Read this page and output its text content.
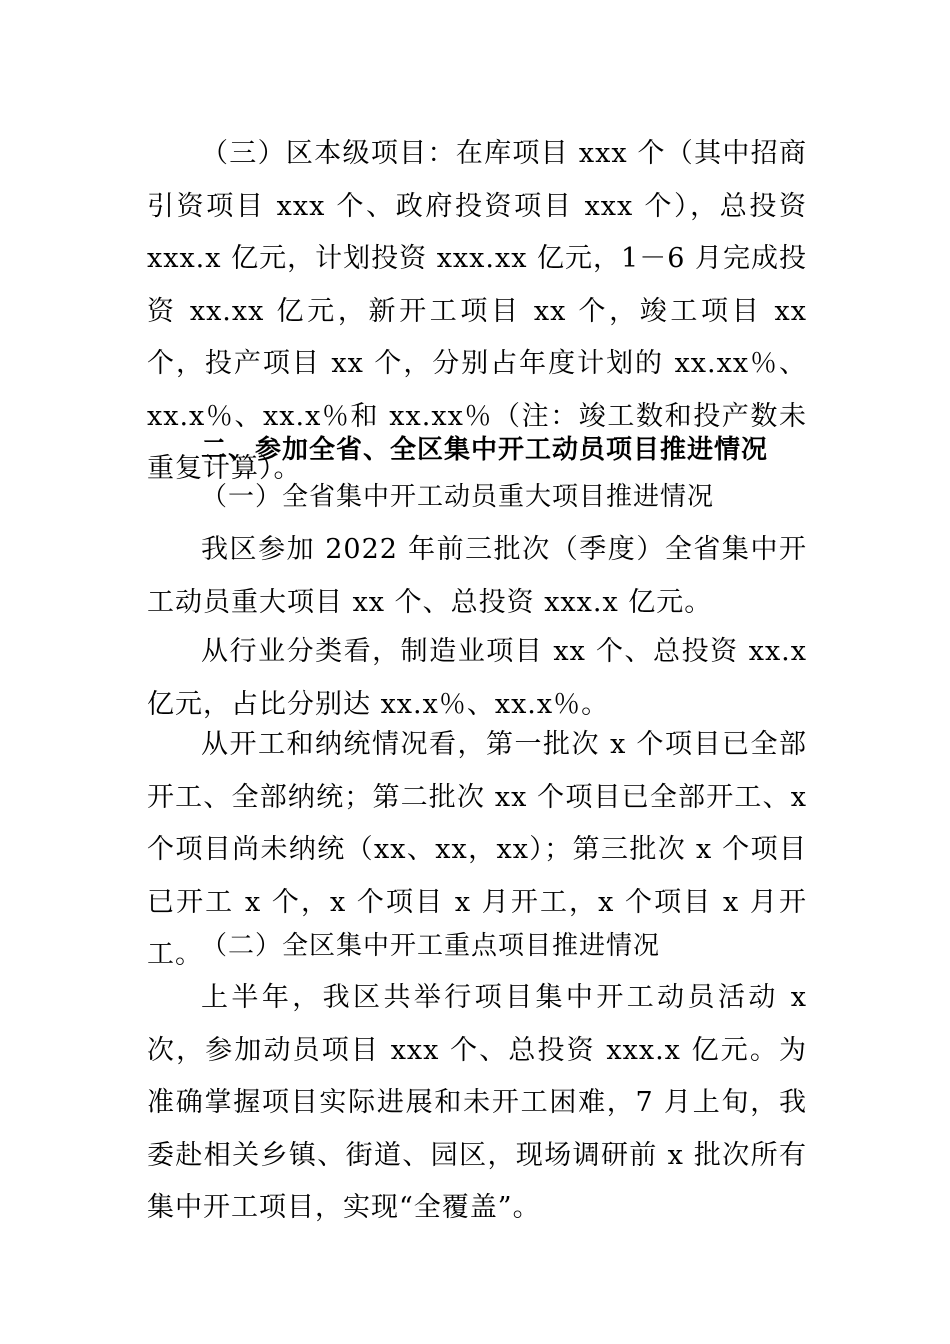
（三）区本级项目：在库项目 xxx 个（其中招商引资项目 xxx 个、政府投资项目 xxx 个），总投资 xxx.x 亿元，计划投资 xxx.xx 亿元，1－6 月完成投资 xx.xx 亿元，新开工项目 xx 个，竣工项目 xx 个，投产项目 xx 个，分别占年度计划的 xx.xx％、xx.x％、xx.x％和 xx.xx％（注：竣工数和投产数未重复计算）。

二、参加全省、全区集中开工动员项目推进情况

（一）全省集中开工动员重大项目推进情况

我区参加 2022 年前三批次（季度）全省集中开工动员重大项目 xx 个、总投资 xxx.x 亿元。

从行业分类看，制造业项目 xx 个、总投资 xx.x 亿元，占比分别达 xx.x％、xx.x％。

从开工和纳统情况看，第一批次 x 个项目已全部开工、全部纳统；第二批次 xx 个项目已全部开工、x 个项目尚未纳统（xx、xx，xx）；第三批次 x 个项目已开工 x 个，x 个项目 x 月开工，x 个项目 x 月开工。

（二）全区集中开工重点项目推进情况

上半年，我区共举行项目集中开工动员活动 x 次，参加动员项目 xxx 个、总投资 xxx.x 亿元。为准确掌握项目实际进展和未开工困难，7 月上旬，我委赴相关乡镇、街道、园区，现场调研前 x 批次所有集中开工项目，实现“全覆盖”。
